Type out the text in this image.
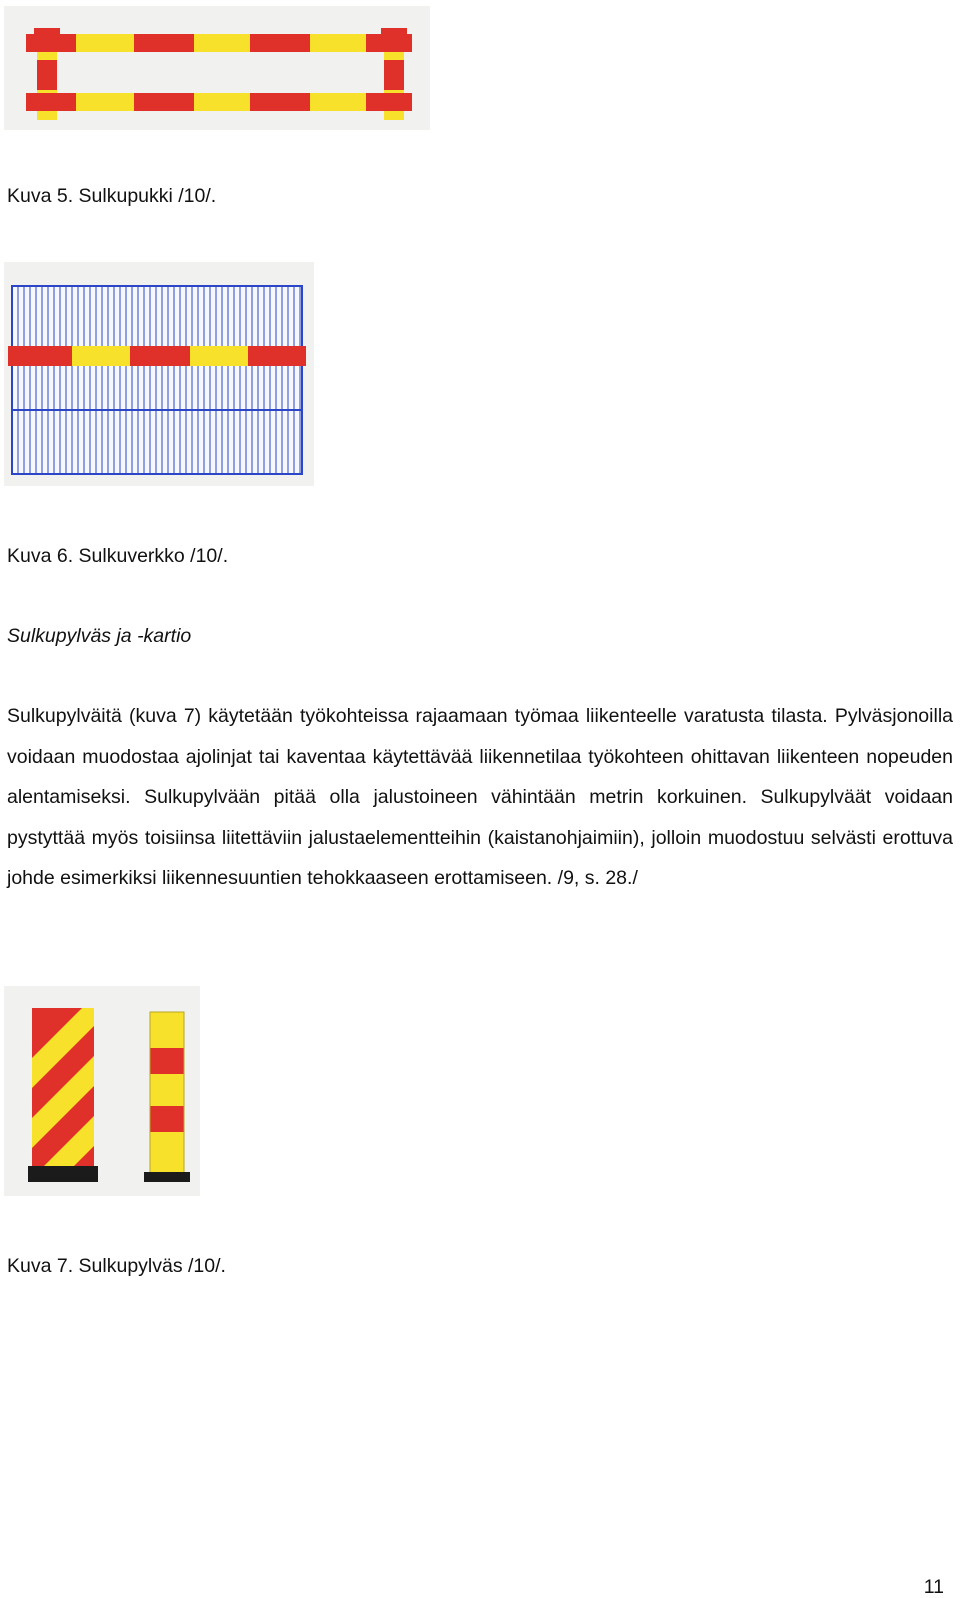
Kuva 5. Sulkupukki /10/.
Kuva 6. Sulkuverkko /10/.
Sulkupylväs ja -kartio

Sulkupylväitä (kuva 7) käytetään työkohteissa rajaamaan työmaa liikenteelle varatusta tilasta. Pylväsjonoilla voidaan muodostaa ajolinjat tai kaventaa käytettävää liikennetilaa työkohteen ohittavan liikenteen nopeuden alentamiseksi. Sulkupylvään pitää olla jalustoineen vähintään metrin korkuinen. Sulkupylväät voidaan pystyttää myös toisiinsa liitettäviin jalustaelementteihin (kaistanohjaimiin), jolloin muodostuu selvästi erottuva johde esimerkiksi liikennesuuntien tehokkaaseen erottamiseen. /9, s. 28./

Kuva 7. Sulkupylväs /10/.
11
